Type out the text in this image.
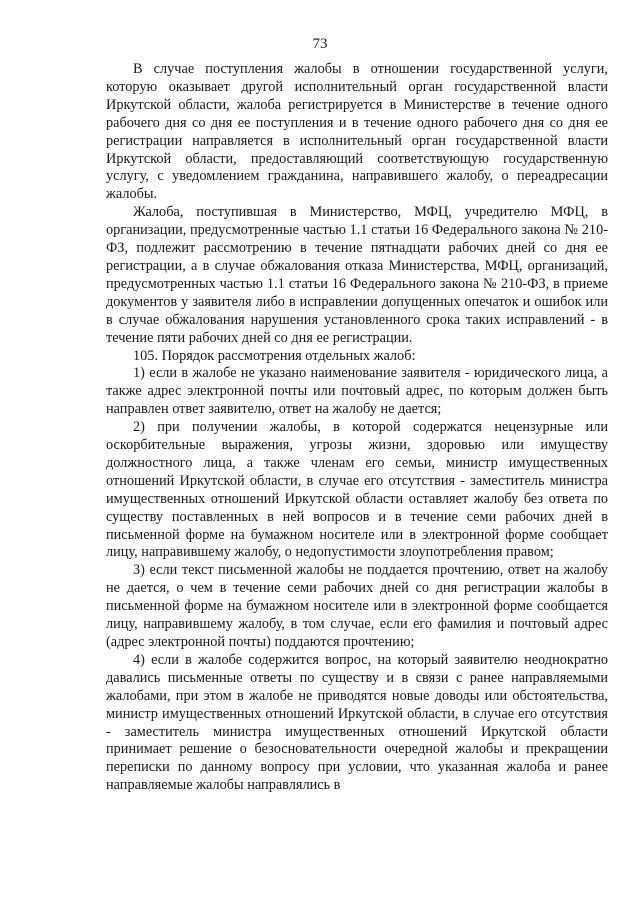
73

В случае поступления жалобы в отношении государственной услуги, которую оказывает другой исполнительный орган государственной власти Иркутской области, жалоба регистрируется в Министерстве в течение одного рабочего дня со дня ее поступления и в течение одного рабочего дня со дня ее регистрации направляется в исполнительный орган государственной власти Иркутской области, предоставляющий соответствующую государственную услугу, с уведомлением гражданина, направившего жалобу, о переадресации жалобы.

Жалоба, поступившая в Министерство, МФЦ, учредителю МФЦ, в организации, предусмотренные частью 1.1 статьи 16 Федерального закона № 210-ФЗ, подлежит рассмотрению в течение пятнадцати рабочих дней со дня ее регистрации, а в случае обжалования отказа Министерства, МФЦ, организаций, предусмотренных частью 1.1 статьи 16 Федерального закона № 210-ФЗ, в приеме документов у заявителя либо в исправлении допущенных опечаток и ошибок или в случае обжалования нарушения установленного срока таких исправлений - в течение пяти рабочих дней со дня ее регистрации.

105. Порядок рассмотрения отдельных жалоб:

1) если в жалобе не указано наименование заявителя - юридического лица, а также адрес электронной почты или почтовый адрес, по которым должен быть направлен ответ заявителю, ответ на жалобу не дается;

2) при получении жалобы, в которой содержатся нецензурные или оскорбительные выражения, угрозы жизни, здоровью или имуществу должностного лица, а также членам его семьи, министр имущественных отношений Иркутской области, в случае его отсутствия - заместитель министра имущественных отношений Иркутской области оставляет жалобу без ответа по существу поставленных в ней вопросов и в течение семи рабочих дней в письменной форме на бумажном носителе или в электронной форме сообщает лицу, направившему жалобу, о недопустимости злоупотребления правом;

3) если текст письменной жалобы не поддается прочтению, ответ на жалобу не дается, о чем в течение семи рабочих дней со дня регистрации жалобы в письменной форме на бумажном носителе или в электронной форме сообщается лицу, направившему жалобу, в том случае, если его фамилия и почтовый адрес (адрес электронной почты) поддаются прочтению;

4) если в жалобе содержится вопрос, на который заявителю неоднократно давались письменные ответы по существу и в связи с ранее направляемыми жалобами, при этом в жалобе не приводятся новые доводы или обстоятельства, министр имущественных отношений Иркутской области, в случае его отсутствия - заместитель министра имущественных отношений Иркутской области принимает решение о безосновательности очередной жалобы и прекращении переписки по данному вопросу при условии, что указанная жалоба и ранее направляемые жалобы направлялись в
